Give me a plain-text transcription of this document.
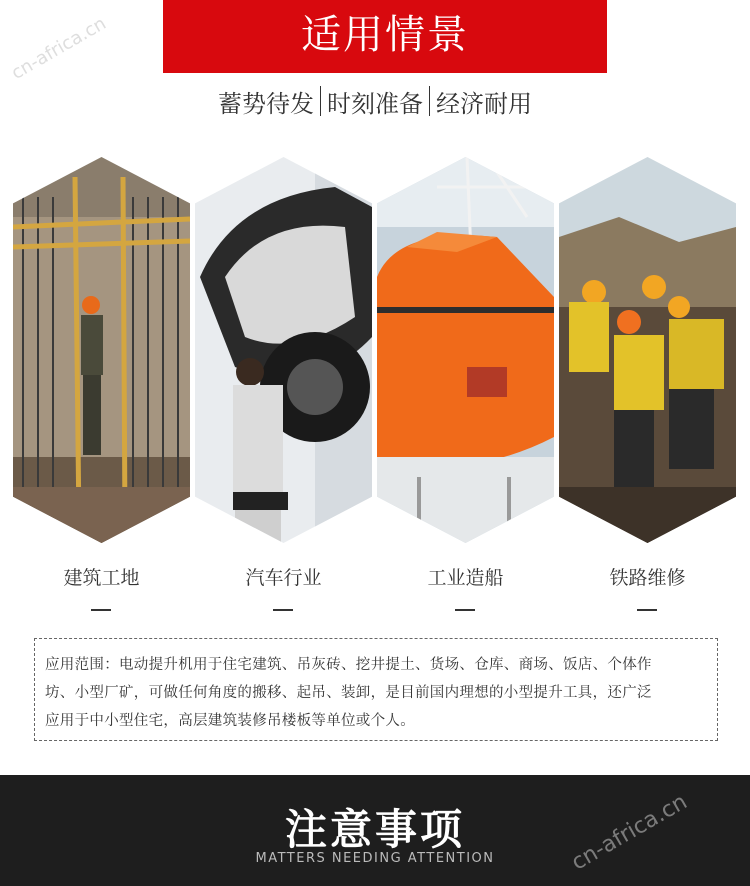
适用情景
蓄势待发 时刻准备 经济耐用
建筑工地	汽车行业	工业造船	铁路维修
应用范围：电动提升机用于住宅建筑、吊灰砖、挖井提土、货场、仓库、商场、饭店、个体作
坊、小型厂矿，可做任何角度的搬移、起吊、装卸，是目前国内理想的小型提升工具，还广泛
应用于中小型住宅，高层建筑装修吊楼板等单位或个人。
注意事项
MATTERS NEEDING ATTENTION
cn-africa.cn
cn-africa.cn
